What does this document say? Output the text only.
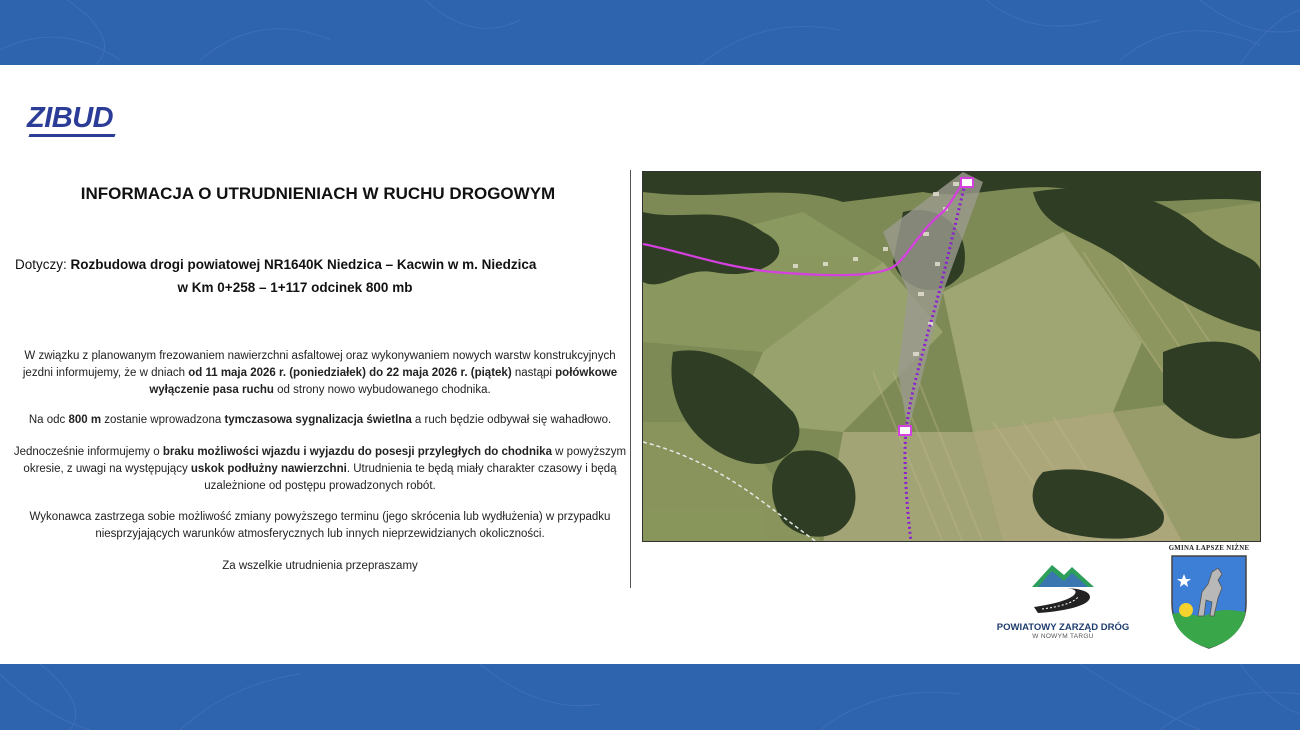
ZIBUD
INFORMACJA O UTRUDNIENIACH W RUCHU DROGOWYM
Dotyczy: Rozbudowa drogi powiatowej NR1640K Niedzica – Kacwin w m. Niedzica
w Km 0+258 – 1+117 odcinek 800 mb
W związku z planowanym frezowaniem nawierzchni asfaltowej oraz wykonywaniem nowych warstw konstrukcyjnych jezdni informujemy, że w dniach od 11 maja 2026 r. (poniedziałek) do 22 maja 2026 r. (piątek) nastąpi połówkowe wyłączenie pasa ruchu od strony nowo wybudowanego chodnika.
Na odc 800 m zostanie wprowadzona tymczasowa sygnalizacja świetlna a ruch będzie odbywał się wahadłowo.
Jednocześnie informujemy o braku możliwości wjazdu i wyjazdu do posesji przyległych do chodnika w powyższym okresie, z uwagi na występujący uskok podłużny nawierzchni. Utrudnienia te będą miały charakter czasowy i będą uzależnione od postępu prowadzonych robót.
Wykonawca zastrzega sobie możliwość zmiany powyższego terminu (jego skrócenia lub wydłużenia) w przypadku niesprzyjających warunków atmosferycznych lub innych nieprzewidzianych okoliczności.
Za wszelkie utrudnienia przepraszamy
POWIATOWY ZARZĄD DRÓG
W NOWYM TARGU
GMINA ŁAPSZE NIŻNE
